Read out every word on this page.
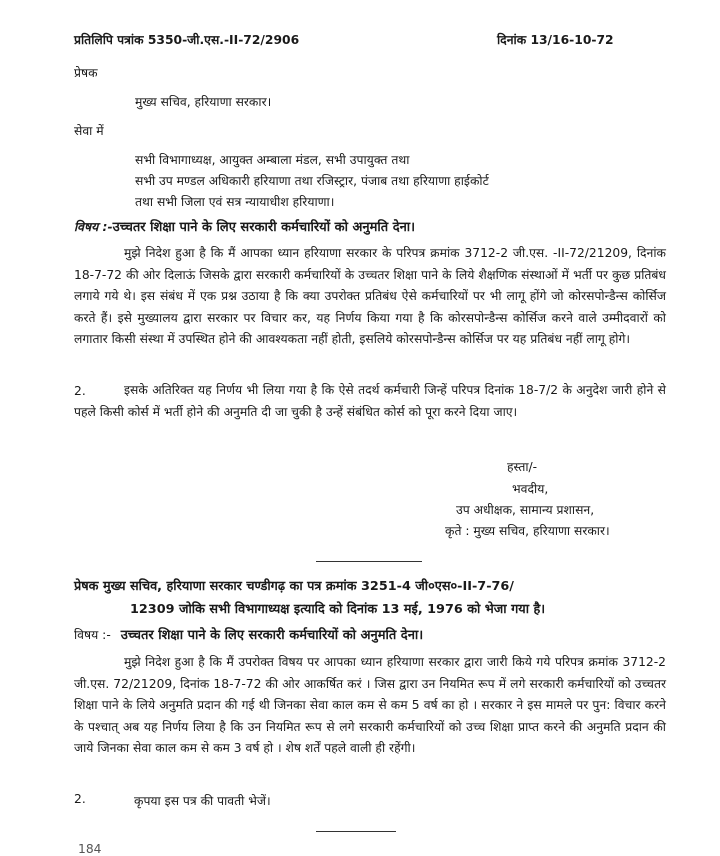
प्रतिलिपि पत्रांक 5350-जी.एस.-II-72/2906	दिनांक 13/16-10-72
प्रेषक
मुख्य सचिव, हरियाणा सरकार।
सेवा में
सभी विभागाध्यक्ष, आयुक्त अम्बाला मंडल, सभी उपायुक्त तथा
सभी उप मण्डल अधिकारी हरियाणा तथा रजिस्ट्रार, पंजाब तथा हरियाणा हाईकोर्ट
तथा सभी जिला एवं सत्र न्यायाधीश हरियाणा।
विषय :-उच्चतर शिक्षा पाने के लिए सरकारी कर्मचारियों को अनुमति देना।

मुझे निदेश हुआ है कि मैं आपका ध्यान हरियाणा सरकार के परिपत्र क्रमांक 3712-2 जी.एस. -II-72/21209, दिनांक 18-7-72 की ओर दिलाऊं जिसके द्वारा सरकारी कर्मचारियों के उच्चतर शिक्षा पाने के लिये शैक्षणिक संस्थाओं में भर्ती पर कुछ प्रतिबंध लगाये गये थे। इस संबंध में एक प्रश्न उठाया है कि क्या उपरोक्त प्रतिबंध ऐसे कर्मचारियों पर भी लागू होंगे जो कोरसपोन्डैन्स कोर्सिज करते हैं। इसे मुख्यालय द्वारा सरकार पर विचार कर, यह निर्णय किया गया है कि कोरसपोन्डैन्स कोर्सिज करने वाले उम्मीदवारों को लगातार किसी संस्था में उपस्थित होने की आवश्यकता नहीं होती, इसलिये कोरसपोन्डैन्स कोर्सिज पर यह प्रतिबंध नहीं लागू होगे।

2.	इसके अतिरिक्त यह निर्णय भी लिया गया है कि ऐसे तदर्थ कर्मचारी जिन्हें परिपत्र दिनांक 18-7/2 के अनुदेश जारी होने से पहले किसी कोर्स में भर्ती होने की अनुमति दी जा चुकी है उन्हें संबंधित कोर्स को पूरा करने दिया जाए।

हस्ता/-
भवदीय,
उप अधीक्षक, सामान्य प्रशासन,
कृते : मुख्य सचिव, हरियाणा सरकार।
प्रेषक मुख्य सचिव, हरियाणा सरकार चण्डीगढ़ का पत्र क्रमांक 3251-4 जी०एस०-II-7-76/
12309 जोकि सभी विभागाध्यक्ष इत्यादि को दिनांक 13 मई, 1976 को भेजा गया है।
विषय :- उच्चतर शिक्षा पाने के लिए सरकारी कर्मचारियों को अनुमति देना।

मुझे निदेश हुआ है कि मैं उपरोक्त विषय पर आपका ध्यान हरियाणा सरकार द्वारा जारी किये गये परिपत्र क्रमांक 3712-2 जी.एस. 72/21209, दिनांक 18-7-72 की ओर आकर्षित करं । जिस द्वारा उन नियमित रूप में लगे सरकारी कर्मचारियों को उच्चतर शिक्षा पाने के लिये अनुमति प्रदान की गई थी जिनका सेवा काल कम से कम 5 वर्ष का हो । सरकार ने इस मामले पर पुन: विचार करने के पश्चात् अब यह निर्णय लिया है कि उन नियमित रूप से लगे सरकारी कर्मचारियों को उच्च शिक्षा प्राप्त करने की अनुमति प्रदान की जाये जिनका सेवा काल कम से कम 3 वर्ष हो । शेष शर्तें पहले वाली ही रहेंगी।

2.	कृपया इस पत्र की पावती भेजें।
184
